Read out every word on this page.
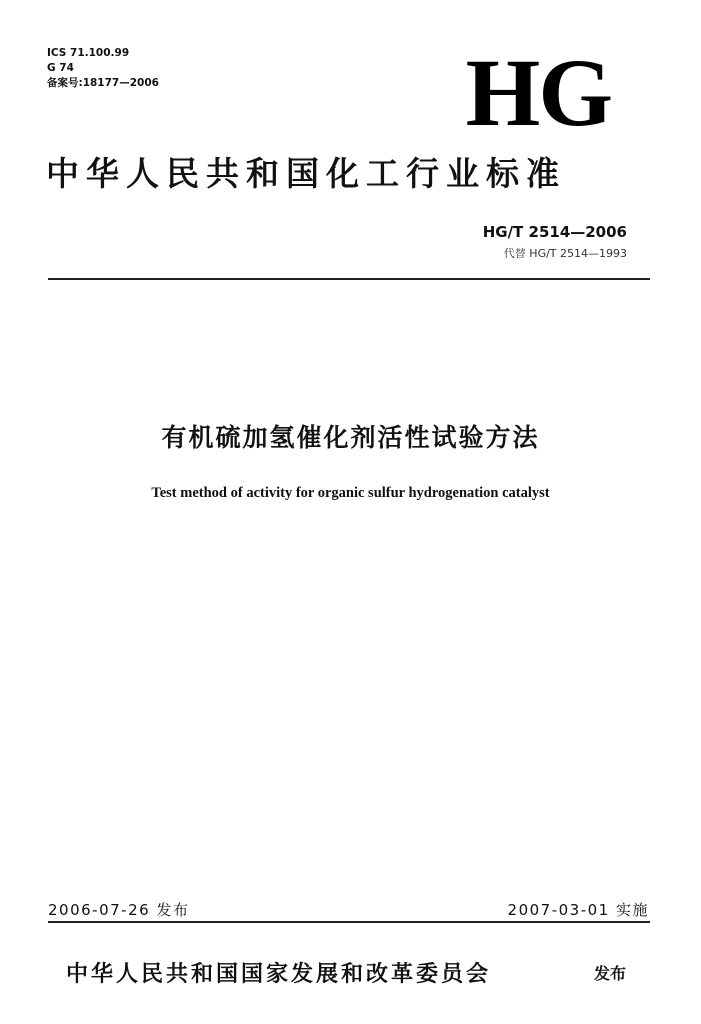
ICS 71.100.99
G 74
备案号:18177—2006	HG
中华人民共和国化工行业标准
HG/T 2514—2006
代替 HG/T 2514—1993
有机硫加氢催化剂活性试验方法
Test method of activity for organic sulfur hydrogenation catalyst
2006-07-26 发布	2007-03-01 实施
中华人民共和国国家发展和改革委员会	发布
